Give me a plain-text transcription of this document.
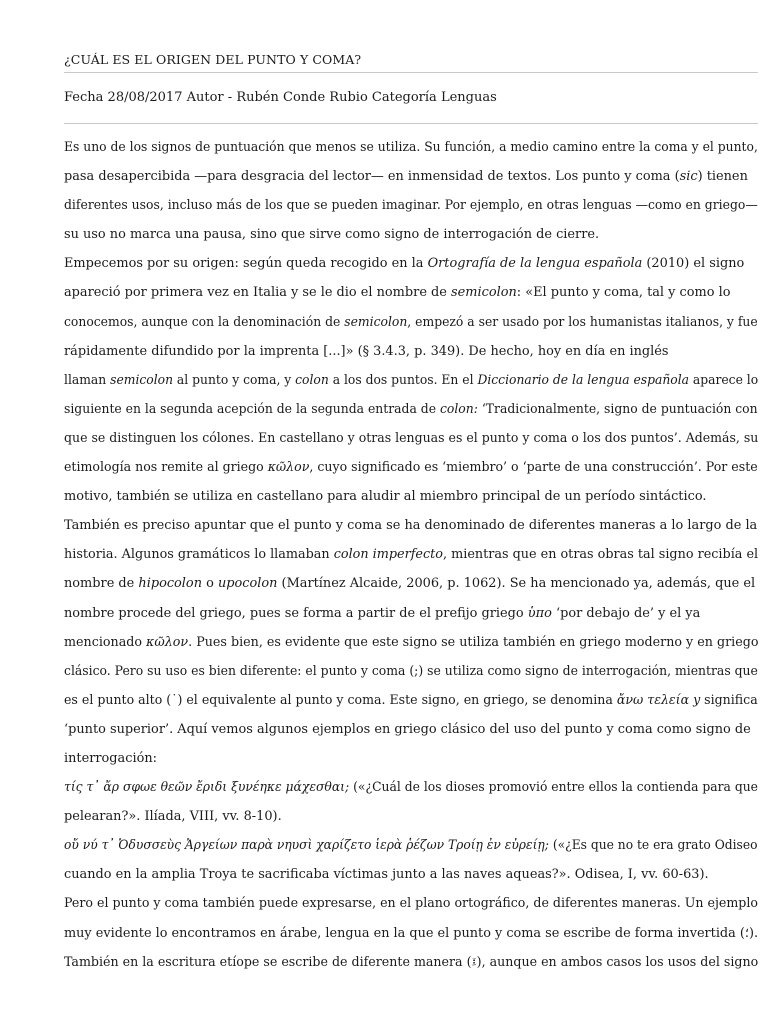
¿CUÁL ES EL ORIGEN DEL PUNTO Y COMA?
Fecha 28/08/2017 Autor - Rubén Conde Rubio Categoría Lenguas
Es uno de los signos de puntuación que menos se utiliza. Su función, a medio camino entre la coma y el punto,
pasa desapercibida —para desgracia del lector— en inmensidad de textos. Los punto y coma (sic) tienen
diferentes usos, incluso más de los que se pueden imaginar. Por ejemplo, en otras lenguas —como en griego—
su uso no marca una pausa, sino que sirve como signo de interrogación de cierre.
Empecemos por su origen: según queda recogido en la Ortografía de la lengua española (2010) el signo
apareció por primera vez en Italia y se le dio el nombre de semicolon: «El punto y coma, tal y como lo
conocemos, aunque con la denominación de semicolon, empezó a ser usado por los humanistas italianos, y fue
rápidamente difundido por la imprenta [...]» (§ 3.4.3, p. 349). De hecho, hoy en día en inglés
llaman semicolon al punto y coma, y colon a los dos puntos. En el Diccionario de la lengua española aparece lo
siguiente en la segunda acepción de la segunda entrada de colon: ‘Tradicionalmente, signo de puntuación con
que se distinguen los cólones. En castellano y otras lenguas es el punto y coma o los dos puntos’. Además, su
etimología nos remite al griego κῶλον, cuyo significado es ‘miembro’ o ‘parte de una construcción’. Por este
motivo, también se utiliza en castellano para aludir al miembro principal de un período sintáctico.
También es preciso apuntar que el punto y coma se ha denominado de diferentes maneras a lo largo de la
historia. Algunos gramáticos lo llamaban colon imperfecto, mientras que en otras obras tal signo recibía el
nombre de hipocolon o upocolon (Martínez Alcaide, 2006, p. 1062). Se ha mencionado ya, además, que el
nombre procede del griego, pues se forma a partir de el prefijo griego ὑπο ‘por debajo de’ y el ya
mencionado κῶλον. Pues bien, es evidente que este signo se utiliza también en griego moderno y en griego
clásico. Pero su uso es bien diferente: el punto y coma (;) se utiliza como signo de interrogación, mientras que
es el punto alto (˙) el equivalente al punto y coma. Este signo, en griego, se denomina ἄνω τελεία y significa
‘punto superior’. Aquí vemos algunos ejemplos en griego clásico del uso del punto y coma como signo de
interrogación:
τίς τ᾽ ἄρ σφωε θεῶν ἔριδι ξυνέηκε μάχεσθαι; («¿Cuál de los dioses promovió entre ellos la contienda para que
pelearan?». Ilíada, VIII, vv. 8-10).
οὔ νύ τ᾽ Ὀδυσσεὺς Ἀργείων παρὰ νηυσὶ χαρίζετο ἱερὰ ῥέζων Τροίῃ ἐν εὐρείῃ; («¿Es que no te era grato Odiseo
cuando en la amplia Troya te sacrificaba víctimas junto a las naves aqueas?». Odisea, I, vv. 60-63).
Pero el punto y coma también puede expresarse, en el plano ortográfico, de diferentes maneras. Un ejemplo
muy evidente lo encontramos en árabe, lengua en la que el punto y coma se escribe de forma invertida (؛).
También en la escritura etíope se escribe de diferente manera (፤), aunque en ambos casos los usos del signo
